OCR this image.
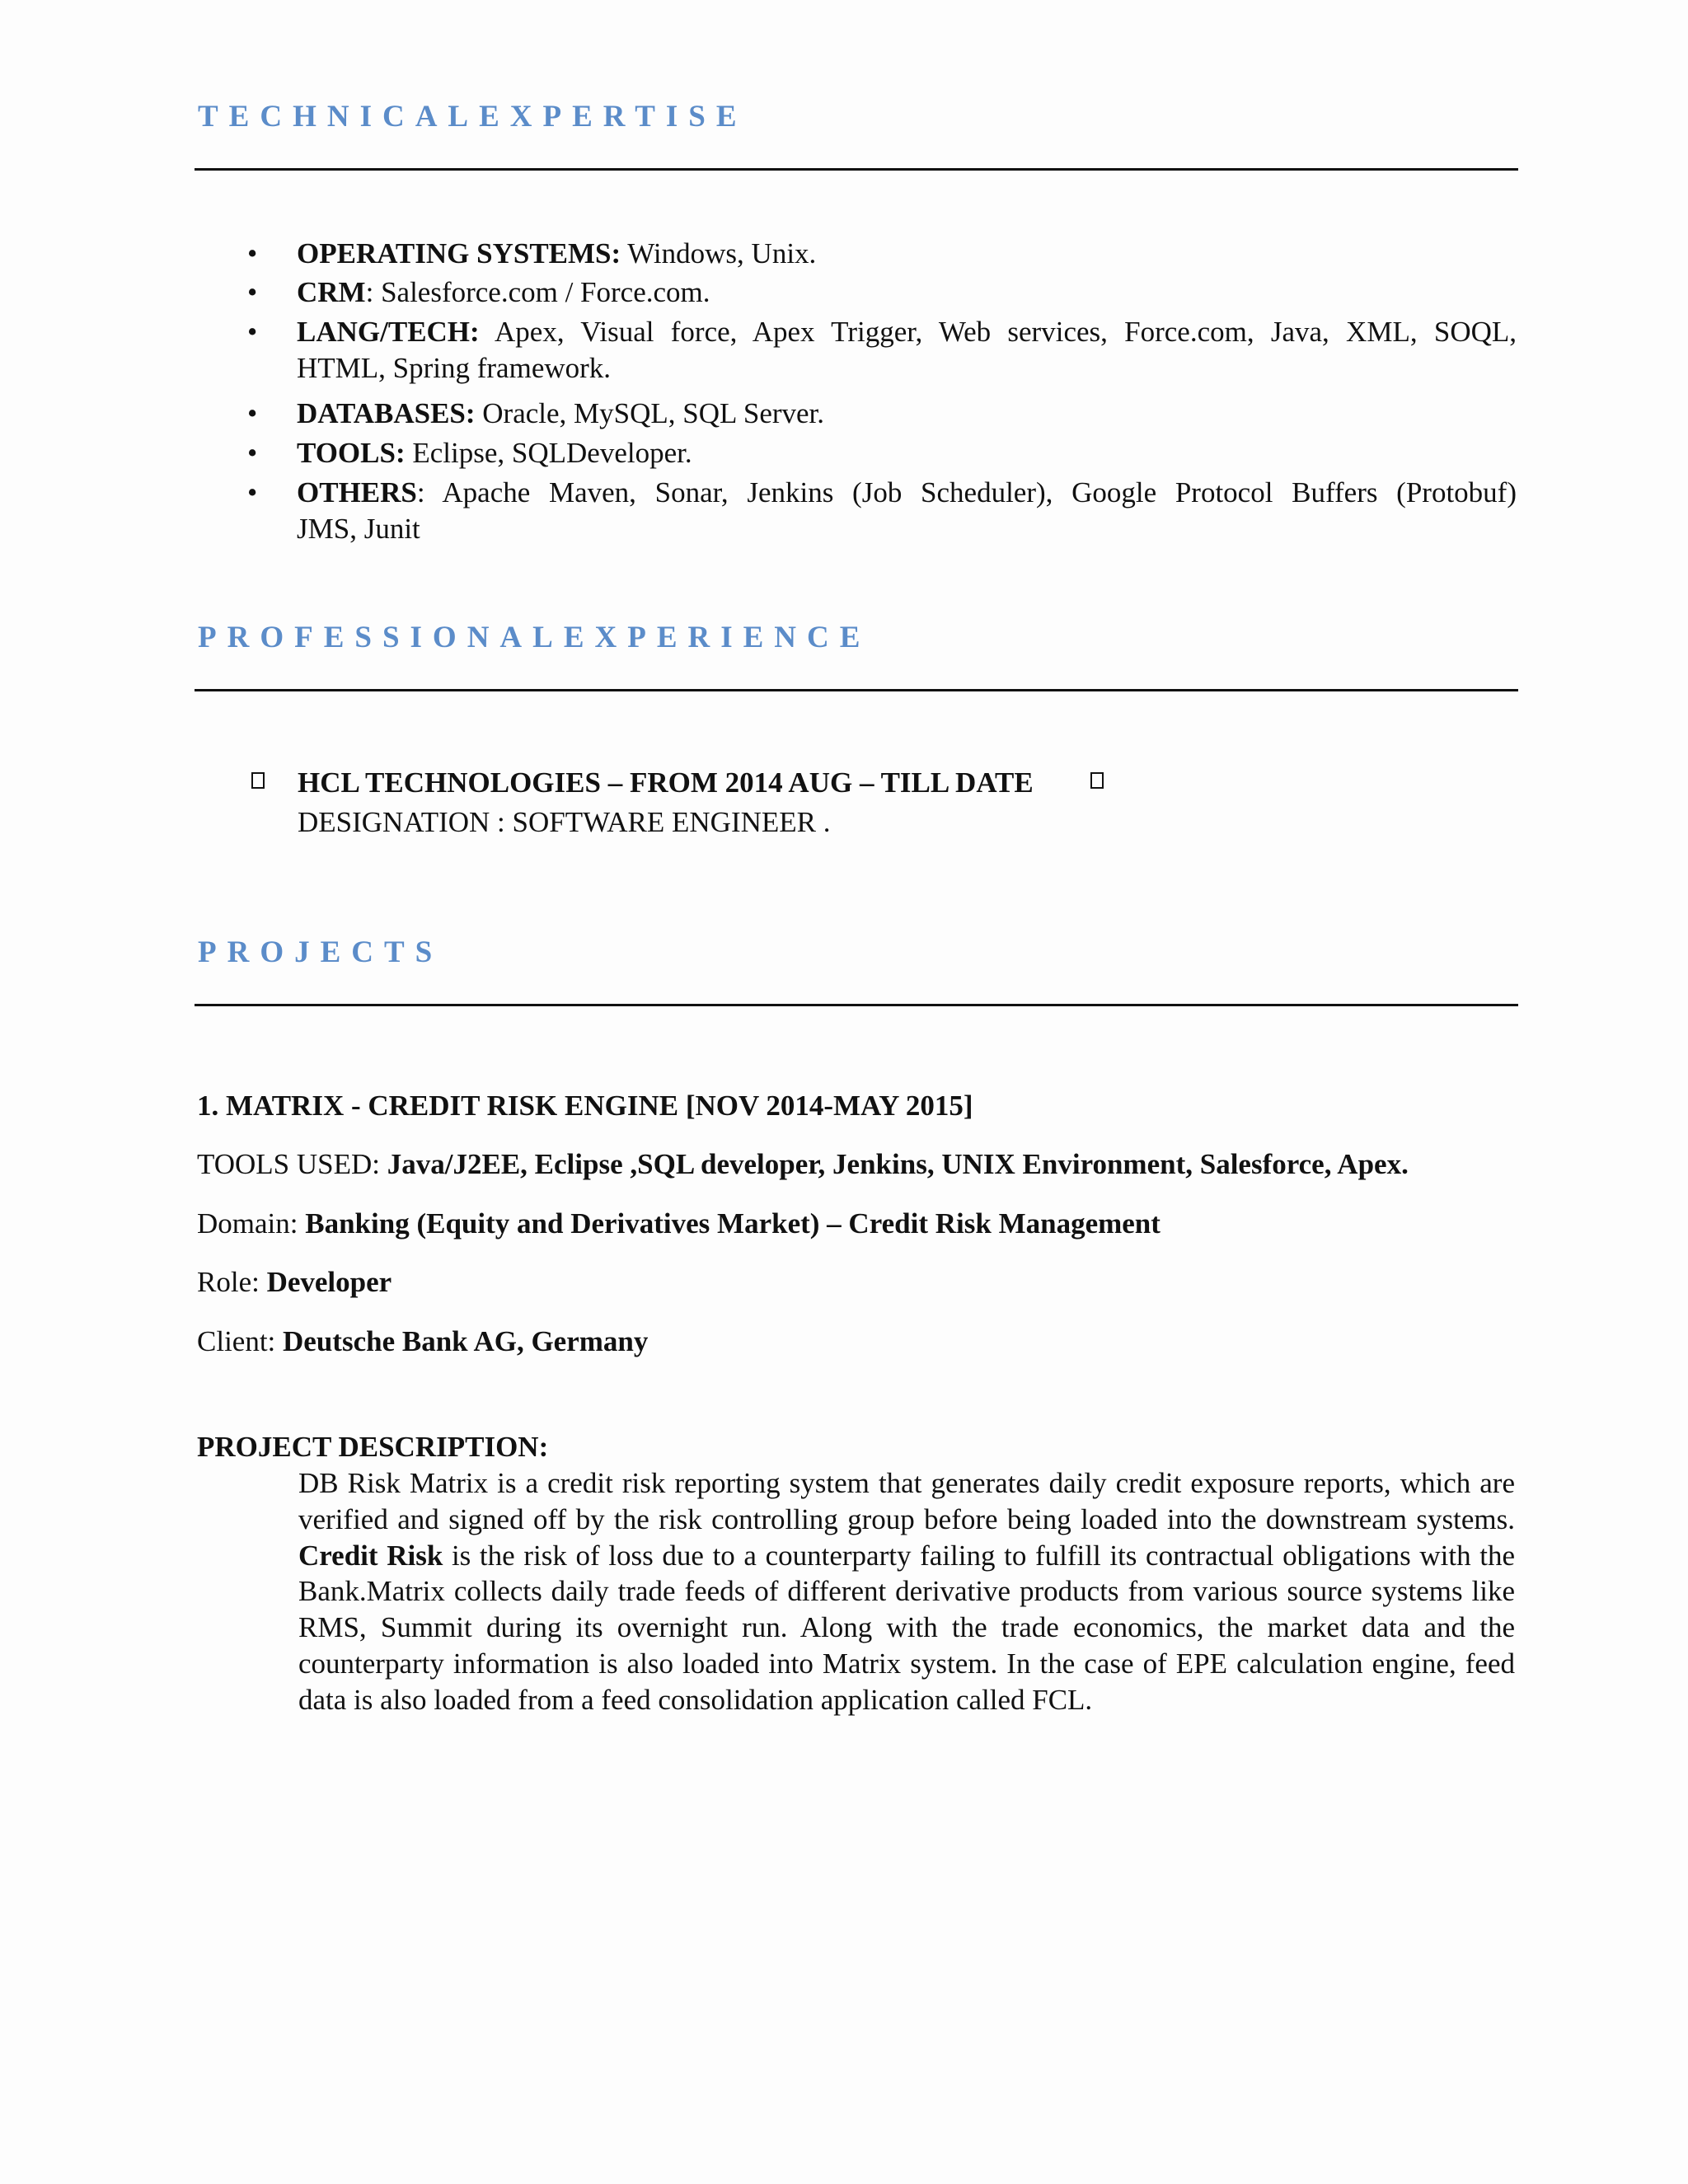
TECHNICALEXPERTISE
• OPERATING SYSTEMS: Windows, Unix.
• CRM: Salesforce.com / Force.com.
• LANG/TECH: Apex, Visual force, Apex Trigger, Web services, Force.com, Java, XML, SOQL,
HTML, Spring framework.
• DATABASES: Oracle, MySQL, SQL Server.
• TOOLS: Eclipse, SQLDeveloper.
• OTHERS: Apache Maven, Sonar, Jenkins (Job Scheduler), Google Protocol Buffers (Protobuf)
JMS, Junit
PROFESSIONALEXPERIENCE
HCL TECHNOLOGIES – FROM 2014 AUG – TILL DATE
DESIGNATION : SOFTWARE ENGINEER .
PROJECTS
1. MATRIX - CREDIT RISK ENGINE [NOV 2014-MAY 2015]
TOOLS USED: Java/J2EE, Eclipse ,SQL developer, Jenkins, UNIX Environment, Salesforce, Apex.
Domain: Banking (Equity and Derivatives Market) – Credit Risk Management
Role: Developer
Client: Deutsche Bank AG, Germany
PROJECT DESCRIPTION:

DB Risk Matrix is a credit risk reporting system that generates daily credit exposure reports, which are verified and signed off by the risk controlling group before being loaded into the downstream systems. Credit Risk is the risk of loss due to a counterparty failing to fulfill its contractual obligations with the Bank.Matrix collects daily trade feeds of different derivative products from various source systems like RMS, Summit during its overnight run. Along with the trade economics, the market data and the counterparty information is also loaded into Matrix system. In the case of EPE calculation engine, feed data is also loaded from a feed consolidation application called FCL.
